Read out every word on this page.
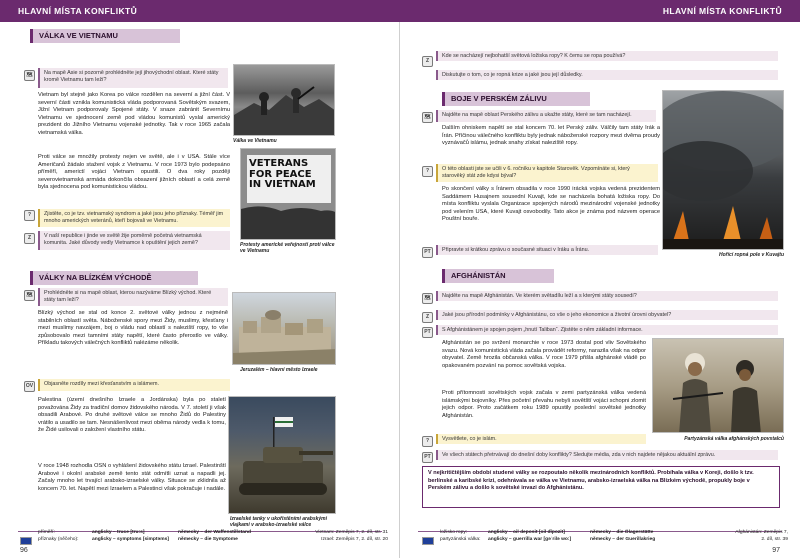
HLAVNÍ MÍSTA KONFLIKTŮ
VÁLKA VE VIETNAMU
🗺	Na mapě Asie si pozorně prohlédněte její jihovýchodní oblast. Které státy kromě Vietnamu tam leží?
Vietnam byl stejně jako Korea po válce rozdělen na severní a jižní část. V severní části vznikla komunistická vláda podporovaná Sovětským svazem, Jižní Vietnam podporovaly Spojené státy. V snaze zabránit Severnímu Vietnamu ve sjednocení země pod vládou komunistů vyslal americký prezident do Jižního Vietnamu vojenské jednotky. Tak v roce 1965 začala vietnamská válka.
Proti válce se množily protesty nejen ve světě, ale i v USA. Stále více Američanů žádalo stažení vojsk z Vietnamu. V roce 1973 bylo podepsáno příměří, americtí vojáci Vietnam opustili. O dva roky později severovietnamská armáda dokončila obsazení jižních oblastí a celá země byla sjednocena pod komunistickou vládou.
?	Zjistěte, co je tzv. vietnamský syndrom a jaké jsou jeho příznaky. Téměř jim mnoho amerických veteránů, kteří bojovali ve Vietnamu.
Z	V naší republice i jinde ve světě žije poměrně početná vietnamská komunita. Jaké důvody vedly Vietnamce k opuštění jejich země?
Válka ve Vietnamu
VETERANS
FOR PEACE
IN VIETNAM
Protesty americké veřejnosti proti válce ve Vietnamu
VÁLKY NA BLÍZKÉM VÝCHODĚ
🗺	Prohlédněte si na mapě oblast, kterou nazýváme Blízký východ. Které státy tam leží?
Blízký východ se stal od konce 2. světové války jednou z nejméně stabilních oblastí světa. Náboženské spory mezi Židy, muslimy, křesťany i mezi muslimy navzájem, boj o vládu nad oblastí s naleziští ropy, to vše způsobovalo mezi tamními státy napětí, které často přerostlo ve války. Příkladu takových válečných konfliktů nalézáme několik.
Jeruzalém – hlavní město Izraele
OV	Objasněte rozdíly mezi křesťanstvím a islámem.
Palestina (území dnešního Izraele a Jordánska) byla po staletí považována Židy za tradiční domov židovského národa. V 7. století ji však obsadili Arabové. Po druhé světové válce se mnoho Židů do Palestiny vrátilo a usadilo se tam. Nesnášenlivost mezi oběma národy vedla k tomu, že Židé usilovali o založení vlastního státu.
V roce 1948 rozhodla OSN o vyhlášení židovského státu Izrael. Palestinští Arabové i okolní arabské země tento stát odmítli uznat a napadli jej. Začaly mnoho let trvající arabsko-izraelské války. Situace se zklidnila až koncem 70. let. Napětí mezi Izraelem a Palestinci však pokračuje i nadále.
Izraelské tanky v ukořistěními arabskými vlajkami v arabsko-izraelské válce
příměří:	anglicky – truce [tru:s]	německy – der Waffenstillstand
příznaky (něčeho):	anglicky – symptoms [simptəms]	německy – die Symptome
Vietnam: Zeměpis 7, 2. díl, str. 31
Izrael: Zeměpis 7, 2. díl, str. 20
96
HLAVNÍ MÍSTA KONFLIKTŮ
Z
Kde se nacházejí nejbohatší světová ložiska ropy? K čemu se ropa používá?
Diskutujte o tom, co je ropná krize a jaké jsou její důsledky.
BOJE V PERSKÉM ZÁLIVU
🗺	Najděte na mapě oblast Perského zálivu a ukažte státy, které se tam nacházejí.
Dalším ohniskem napětí se stal koncem 70. let Perský záliv. Válčily tam státy Irák a Írán. Příčinou válečného konfliktu byly jednak náboženské rozpory mezi dvěma proudy vyznávačů islámu, jednak snahy získat naleziště ropy.
?	O této oblasti jste se učili v 6. ročníku v kapitole Starověk. Vzpomínáte si, který starověký stát zde kdysi býval?
Po skončení války s Íránem obsadila v roce 1990 irácká vojska vedená prezidentem Saddámem Husajnem sousední Kuvajt, kde se nacházela bohatá ložiska ropy. Do místa konfliktu vyslala Organizace spojených národů mezinárodní vojenské jednotky pod velením USA, které Kuvajt osvobodily. Tato akce je známa pod názvem operace Pouštní bouře.
PT	Připravte si krátkou zprávu o současné situaci v Iráku a Íránu.
Hořící ropná pole v Kuvajtu
AFGHÁNISTÁN
🗺	Najděte na mapě Afghánistán. Ve kterém světadílu leží a s kterými státy sousedí?
Z	Jaké jsou přírodní podmínky v Afghánistánu, co vše o jeho ekonomice a životní úrovni obyvatel?
PT	S Afghánistánem je spojen pojem „hnutí Taliban“. Zjistěte o něm základní informace.
Afghánistán se po svržení monarchie v roce 1973 dostal pod vliv Sovětského svazu. Nová komunistická vláda začala provádět reformy, narazila však na odpor obyvatel. Země hrozila občanská válka. V roce 1979 přišla afghánské vládě po opakovaném pozvání na pomoc sovětská vojska.
Proti přítomnosti sovětských vojsk začala v zemi partyzánská válka vedená islámskými bojovníky. Přes početní převahu nebyli sovětští vojáci schopni zlomit jejich odpor. Proto začátkem roku 1989 opustily poslední sovětské jednotky Afghánistán.
?	Vysvětlete, co je islám.
PT	Ve všech státech přetrvávají do dnešní doby konflikty? Sledujte média, zda v nich najdete nějakou aktuální zprávu.
Partyzánská válka afghánských povstalců
V nejkritičtějším období studené války se rozpoutalo několik mezinárodních konfliktů. Probíhala válka v Koreji, došlo k tzv. berlínské a karibské krizi, odehrávala se válka ve Vietnamu, arabsko-izraelská válka na Blízkém východě, propukly boje v Perském zálivu a došlo k sovětské invazi do Afghánistánu.
ložisko ropy:	anglicky – oil deposit [oil dǐpozit]	německy – die Ölagerstätte
partyzánská válka:	anglicky – guerrilla war [gəˈrilə wo:]	německy – der Guerillakrieg
Afghánistán: Zeměpis 7,
2. díl, str. 39
97
